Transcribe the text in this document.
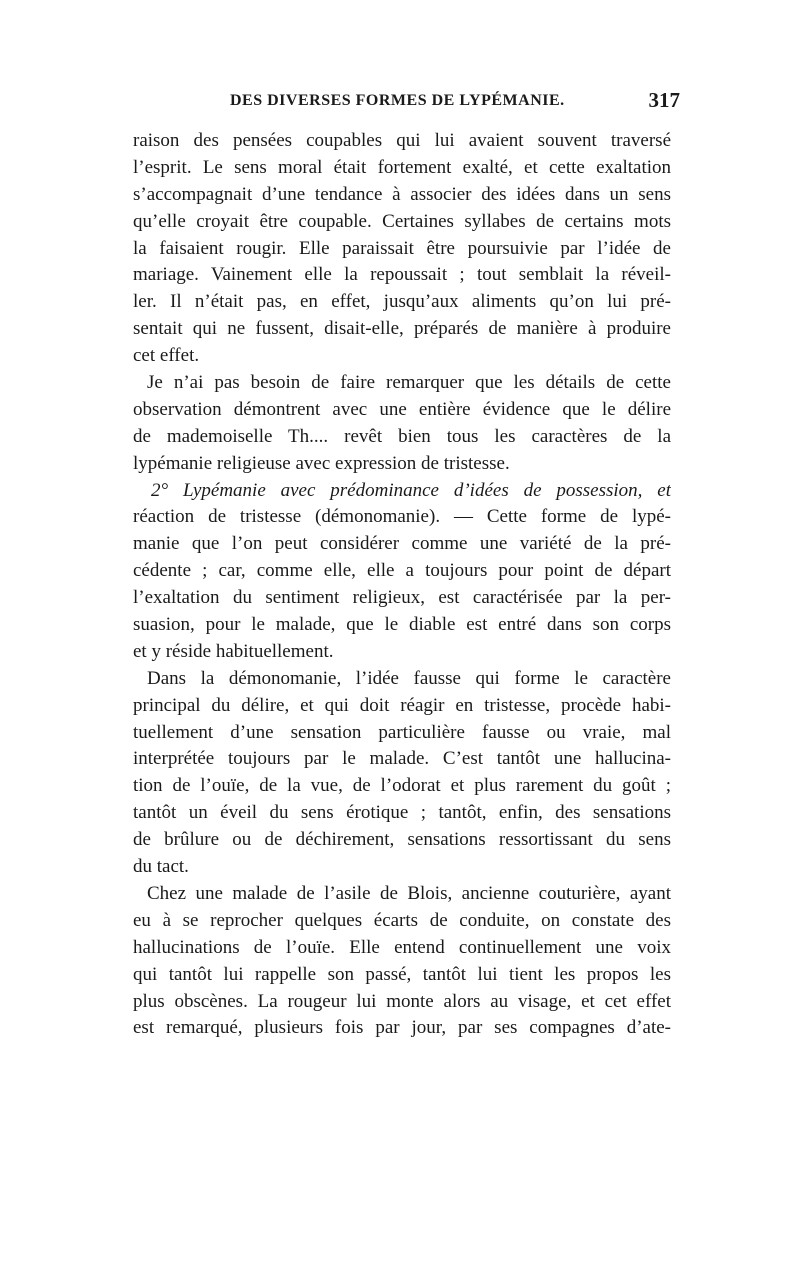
DES DIVERSES FORMES DE LYPÉMANIE.	317
raison des pensées coupables qui lui avaient souvent traversé
l’esprit. Le sens moral était fortement exalté, et cette exaltation
s’accompagnait d’une tendance à associer des idées dans un sens
qu’elle croyait être coupable. Certaines syllabes de certains mots
la faisaient rougir. Elle paraissait être poursuivie par l’idée de
mariage. Vainement elle la repoussait ; tout semblait la réveil-
ler. Il n’était pas, en effet, jusqu’aux aliments qu’on lui pré-
sentait qui ne fussent, disait-elle, préparés de manière à produire
cet effet.
Je n’ai pas besoin de faire remarquer que les détails de cette
observation démontrent avec une entière évidence que le délire
de mademoiselle Th.... revêt bien tous les caractères de la
lypémanie religieuse avec expression de tristesse.
2° Lypémanie avec prédominance d’idées de possession, et
réaction de tristesse (démonomanie). — Cette forme de lypé-
manie que l’on peut considérer comme une variété de la pré-
cédente ; car, comme elle, elle a toujours pour point de départ
l’exaltation du sentiment religieux, est caractérisée par la per-
suasion, pour le malade, que le diable est entré dans son corps
et y réside habituellement.
Dans la démonomanie, l’idée fausse qui forme le caractère
principal du délire, et qui doit réagir en tristesse, procède habi-
tuellement d’une sensation particulière fausse ou vraie, mal
interprétée toujours par le malade. C’est tantôt une hallucina-
tion de l’ouïe, de la vue, de l’odorat et plus rarement du goût ;
tantôt un éveil du sens érotique ; tantôt, enfin, des sensations
de brûlure ou de déchirement, sensations ressortissant du sens
du tact.
Chez une malade de l’asile de Blois, ancienne couturière, ayant
eu à se reprocher quelques écarts de conduite, on constate des
hallucinations de l’ouïe. Elle entend continuellement une voix
qui tantôt lui rappelle son passé, tantôt lui tient les propos les
plus obscènes. La rougeur lui monte alors au visage, et cet effet
est remarqué, plusieurs fois par jour, par ses compagnes d’ate-
